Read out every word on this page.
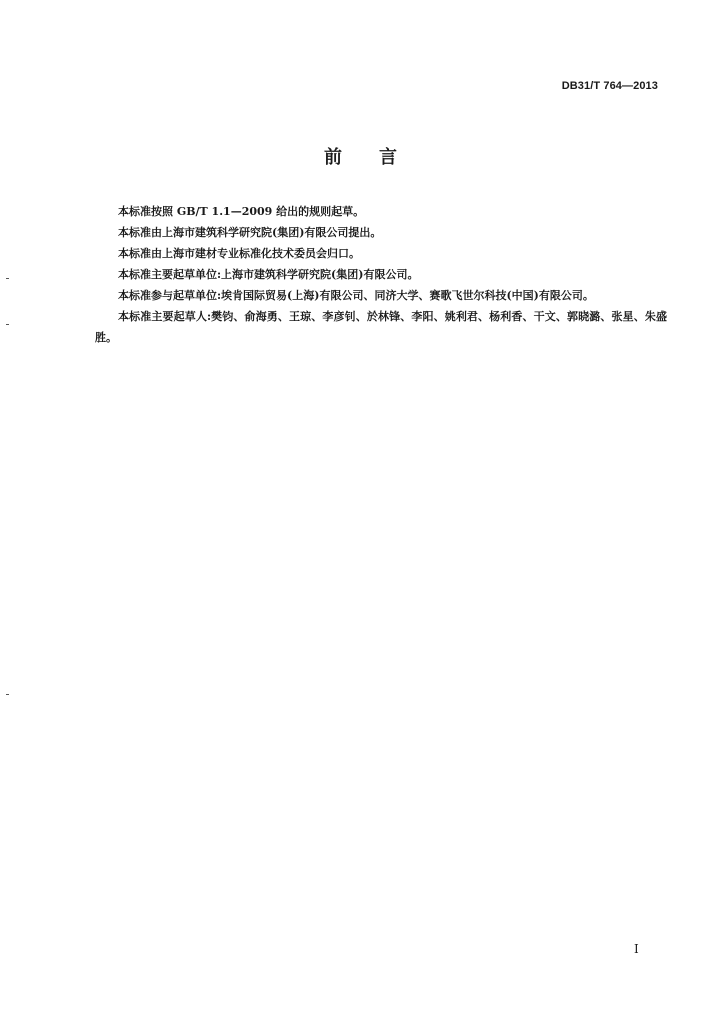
DB31/T 764—2013
前 言

本标准按照 GB/T 1.1—2009 给出的规则起草。

本标准由上海市建筑科学研究院(集团)有限公司提出。

本标准由上海市建材专业标准化技术委员会归口。

本标准主要起草单位:上海市建筑科学研究院(集团)有限公司。

本标准参与起草单位:埃肯国际贸易(上海)有限公司、同济大学、赛歌飞世尔科技(中国)有限公司。

本标准主要起草人:樊钧、俞海勇、王琼、李彦钊、於林锋、李阳、姚利君、杨利香、干文、郭晓潞、张星、朱盛胜。

I
